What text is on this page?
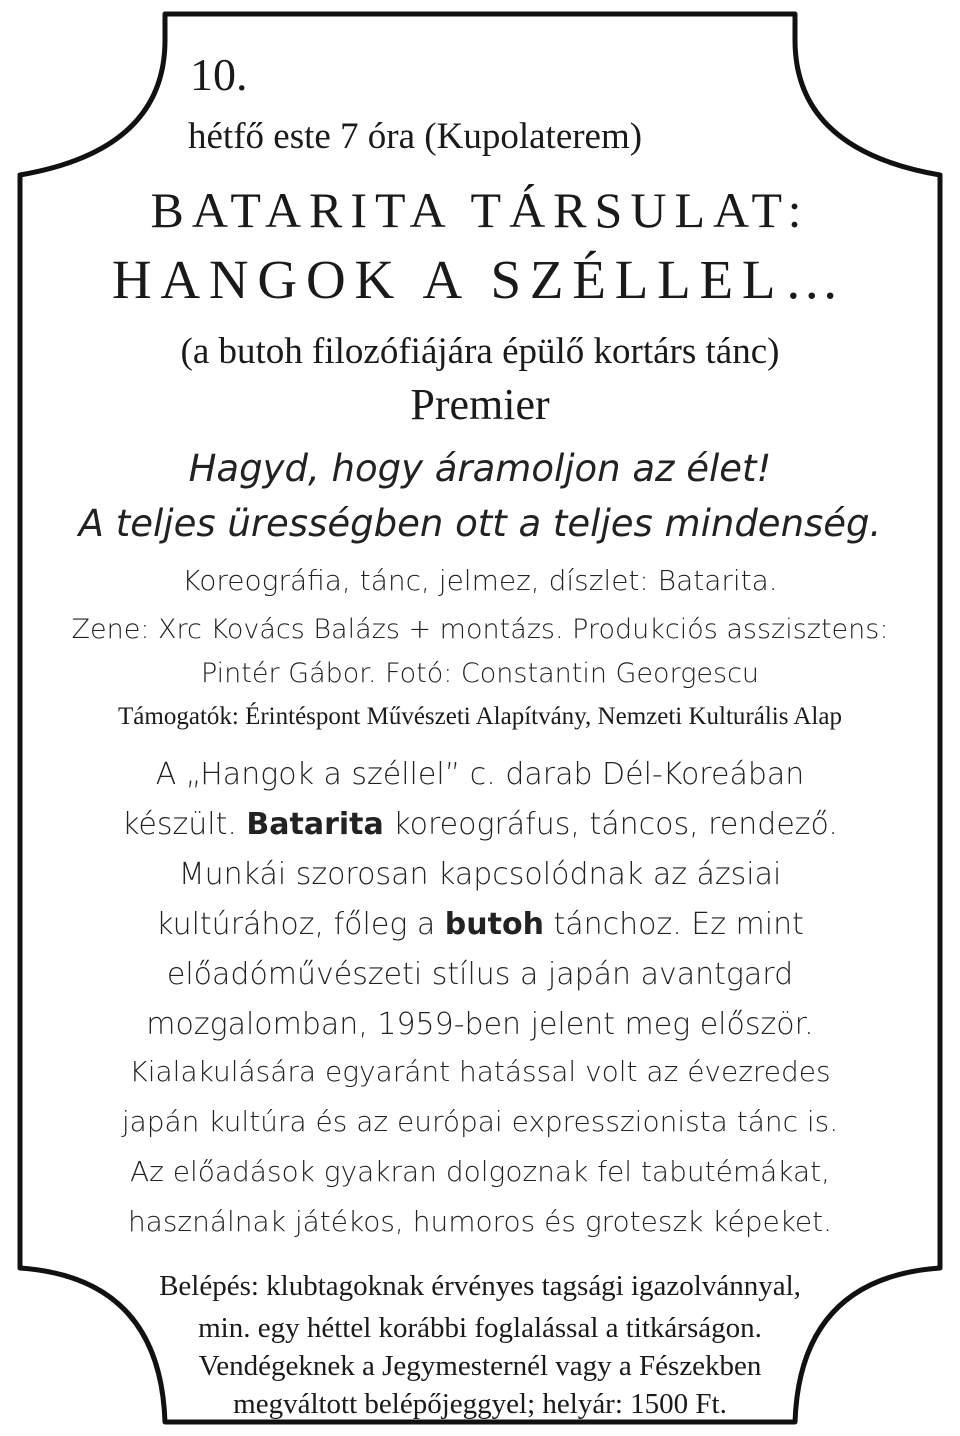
10.
hétfő este 7 óra (Kupolaterem)
BATARITA TÁRSULAT:
HANGOK A SZÉLLEL…
(a butoh filozófiájára épülő kortárs tánc)
Premier
Hagyd, hogy áramoljon az élet!
A teljes ürességben ott a teljes mindenség.
Koreográfia, tánc, jelmez, díszlet: Batarita.
Zene: Xrc Kovács Balázs + montázs. Produkciós asszisztens:
Pintér Gábor. Fotó: Constantin Georgescu
Támogatók: Érintéspont Művészeti Alapítvány, Nemzeti Kulturális Alap
A „Hangok a széllel” c. darab Dél-Koreában
készült. Batarita koreográfus, táncos, rendező.
Munkái szorosan kapcsolódnak az ázsiai
kultúrához, főleg a butoh tánchoz. Ez mint
előadóművészeti stílus a japán avantgard
mozgalomban, 1959-ben jelent meg először.
Kialakulására egyaránt hatással volt az évezredes
japán kultúra és az európai expresszionista tánc is.
Az előadások gyakran dolgoznak fel tabutémákat,
használnak játékos, humoros és groteszk képeket.
Belépés: klubtagoknak érvényes tagsági igazolvánnyal,
min. egy héttel korábbi foglalással a titkárságon.
Vendégeknek a Jegymesternél vagy a Fészekben
megváltott belépőjeggyel; helyár: 1500 Ft.
